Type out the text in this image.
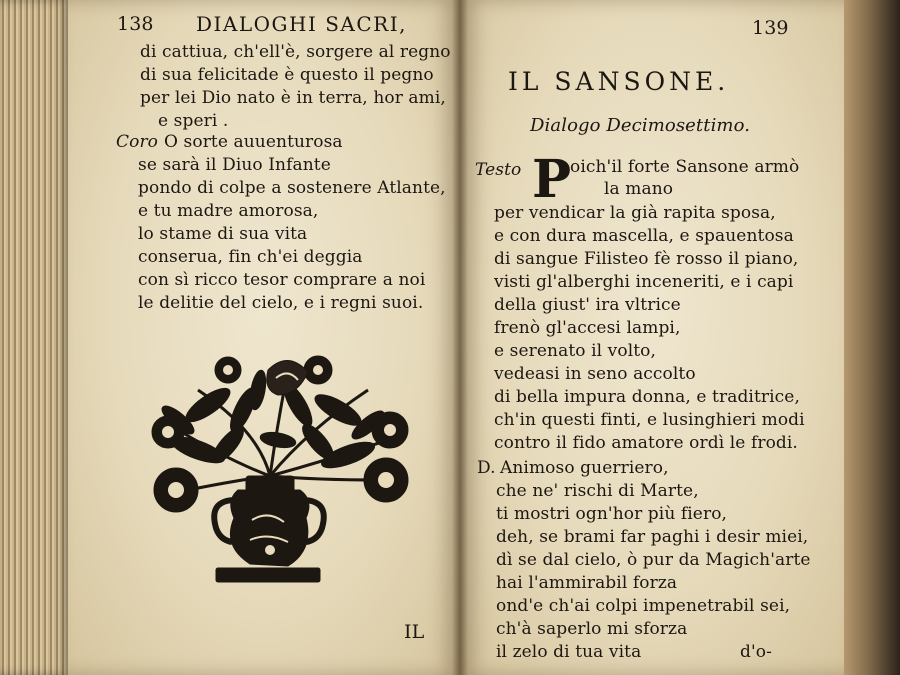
138 DIALOGHI SACRI,
di cattiua, ch'ell'è, sorgere al regno
di sua felicitade è questo il pegno
per lei Dio nato è in terra, hor ami,
e speri .
Coro O sorte auuenturosa
se sarà il Diuo Infante
pondo di colpe a sostenere Atlante,
e tu madre amorosa,
lo stame di sua vita
conserua, fin ch'ei deggia
con sì ricco tesor comprare a noi
le delitie del cielo, e i regni suoi.
IL
139
IL SANSONE.
Dialogo Decimosettimo.
Testo P
oich'il forte Sansone armò
la mano
per vendicar la già rapita sposa,
e con dura mascella, e spauentosa
di sangue Filisteo fè rosso il piano,
visti gl'alberghi inceneriti, e i capi
della giust' ira vltrice
frenò gl'accesi lampi,
e serenato il volto,
vedeasi in seno accolto
di bella impura donna, e traditrice,
ch'in questi finti, e lusinghieri modi
contro il fido amatore ordì le frodi.
D. Animoso guerriero,
che ne' rischi di Marte,
ti mostri ogn'hor più fiero,
deh, se brami far paghi i desir miei,
dì se dal cielo, ò pur da Magich'arte
hai l'ammirabil forza
ond'e ch'ai colpi impenetrabil sei,
ch'à saperlo mi sforza
il zelo di tua vita	d'o-
